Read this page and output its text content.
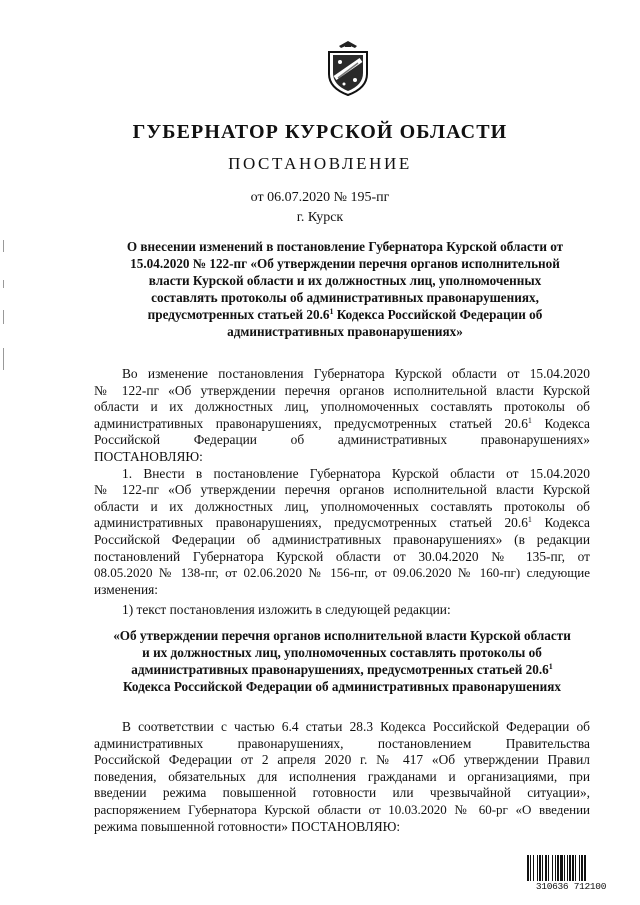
ГУБЕРНАТОР КУРСКОЙ ОБЛАСТИ
ПОСТАНОВЛЕНИЕ
от 06.07.2020 № 195-пг
г. Курск
О внесении изменений в постановление Губернатора Курской области от
15.04.2020 № 122-пг «Об утверждении перечня органов исполнительной
власти Курской области и их должностных лиц, уполномоченных
составлять протоколы об административных правонарушениях,
предусмотренных статьей 20.6$^1$ Кодекса Российской Федерации об
административных правонарушениях»
Во изменение постановления Губернатора Курской области от 15.04.2020
№ 122-пг «Об утверждении перечня органов исполнительной власти Курской
области и их должностных лиц, уполномоченных составлять протоколы об
административных правонарушениях, предусмотренных статьей 20.6$^1$ Кодекса
Российской Федерации об административных правонарушениях»
ПОСТАНОВЛЯЮ:
1. Внести в постановление Губернатора Курской области от 15.04.2020
№ 122-пг «Об утверждении перечня органов исполнительной власти Курской
области и их должностных лиц, уполномоченных составлять протоколы об
административных правонарушениях, предусмотренных статьей 20.6$^1$ Кодекса
Российской Федерации об административных правонарушениях» (в редакции
постановлений Губернатора Курской области от 30.04.2020 № 135-пг, от
08.05.2020 № 138-пг, от 02.06.2020 № 156-пг, от 09.06.2020 № 160-пг) следующие
изменения:
1) текст постановления изложить в следующей редакции:
«Об утверждении перечня органов исполнительной власти Курской области
и их должностных лиц, уполномоченных составлять протоколы об
административных правонарушениях, предусмотренных статьей 20.6$^1$
Кодекса Российской Федерации об административных правонарушениях
В соответствии с частью 6.4 статьи 28.3 Кодекса Российской Федерации об
административных правонарушениях, постановлением Правительства
Российской Федерации от 2 апреля 2020 г. № 417 «Об утверждении Правил
поведения, обязательных для исполнения гражданами и организациями, при
введении режима повышенной готовности или чрезвычайной ситуации»,
распоряжением Губернатора Курской области от 10.03.2020 № 60-рг «О введении
режима повышенной готовности» ПОСТАНОВЛЯЮ:
310636 712100
